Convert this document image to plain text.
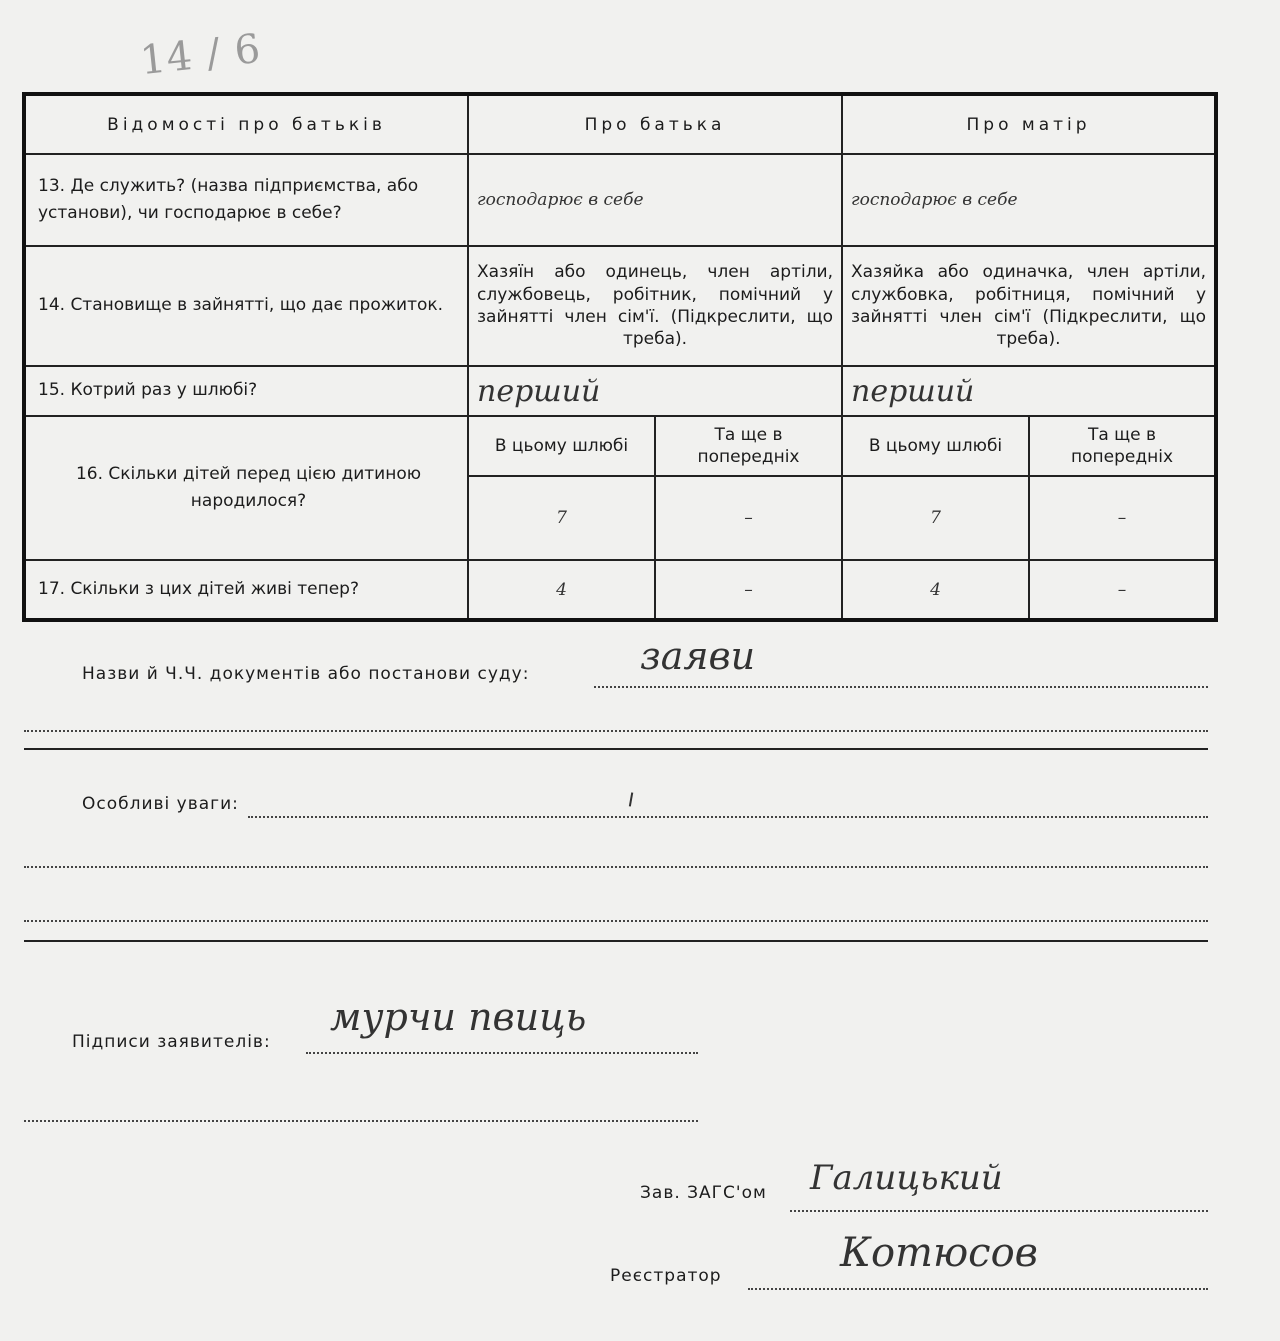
14 / 6
Відомості про батьків	Про батька		Про матір	
13. Де служить? (назва підприємства, або установи), чи господарює в себе?	господарює в себе		господарює в себе	
14. Становище в зайнятті, що дає прожиток.	Хазяїн або одинець, член артіли, службовець, робітник, помічний у зайнятті член сім'ї. (Підкреслити, що треба).		Хазяйка або одиначка, член артіли, службовка, робітниця, помічний у зайнятті член сім'ї (Підкреслити, що треба).	
15. Котрий раз у шлюбі?	перший		перший	
16. Скільки дітей перед цією дитиною народилося?	В цьому шлюбі	Та ще в попередніх	В цьому шлюбі	Та ще в попередніх
	7	–	7	–
17. Скільки з цих дітей живі тепер?	4	–	4	–
Назви й Ч.Ч. документів або постанови суду:	заяви
Особливі уваги:
Підписи заявителів:
мурчи пвиць
Зав. ЗАГС'ом Галицький
Реєстратор	Котюсов
